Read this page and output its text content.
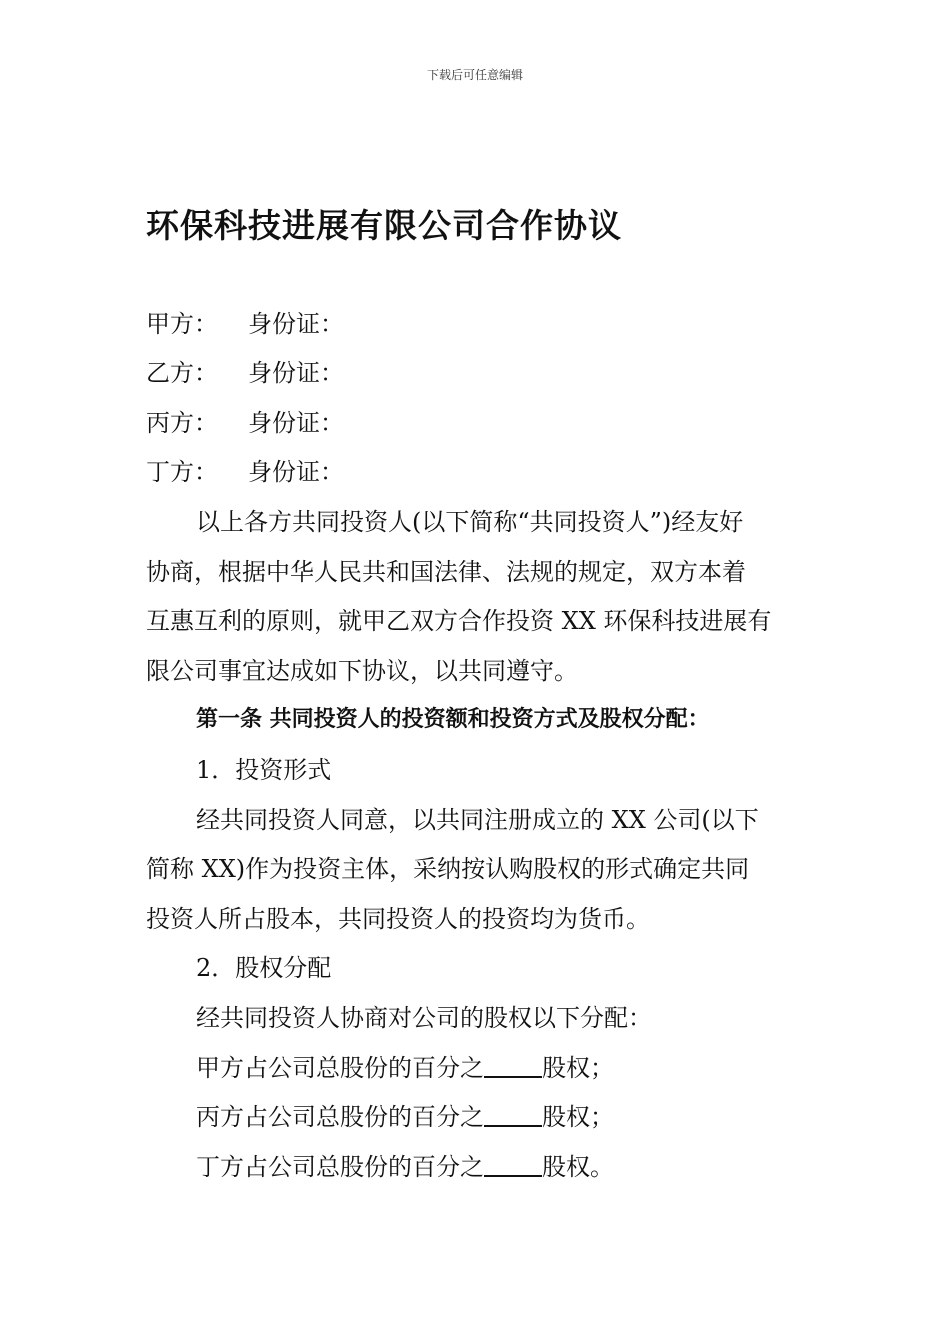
下载后可任意编辑
环保科技进展有限公司合作协议
甲方： 身份证：
乙方： 身份证：
丙方： 身份证：
丁方： 身份证：
以上各方共同投资人(以下简称“共同投资人”)经友好
协商，根据中华人民共和国法律、法规的规定，双方本着
互惠互利的原则，就甲乙双方合作投资 XX 环保科技进展有
限公司事宜达成如下协议，以共同遵守。
第一条 共同投资人的投资额和投资方式及股权分配：
1．投资形式
经共同投资人同意，以共同注册成立的 XX 公司(以下
简称 XX)作为投资主体，采纳按认购股权的形式确定共同
投资人所占股本，共同投资人的投资均为货币。
2．股权分配
经共同投资人协商对公司的股权以下分配：
甲方占公司总股份的百分之 股权；
丙方占公司总股份的百分之 股权；
丁方占公司总股份的百分之 股权。
